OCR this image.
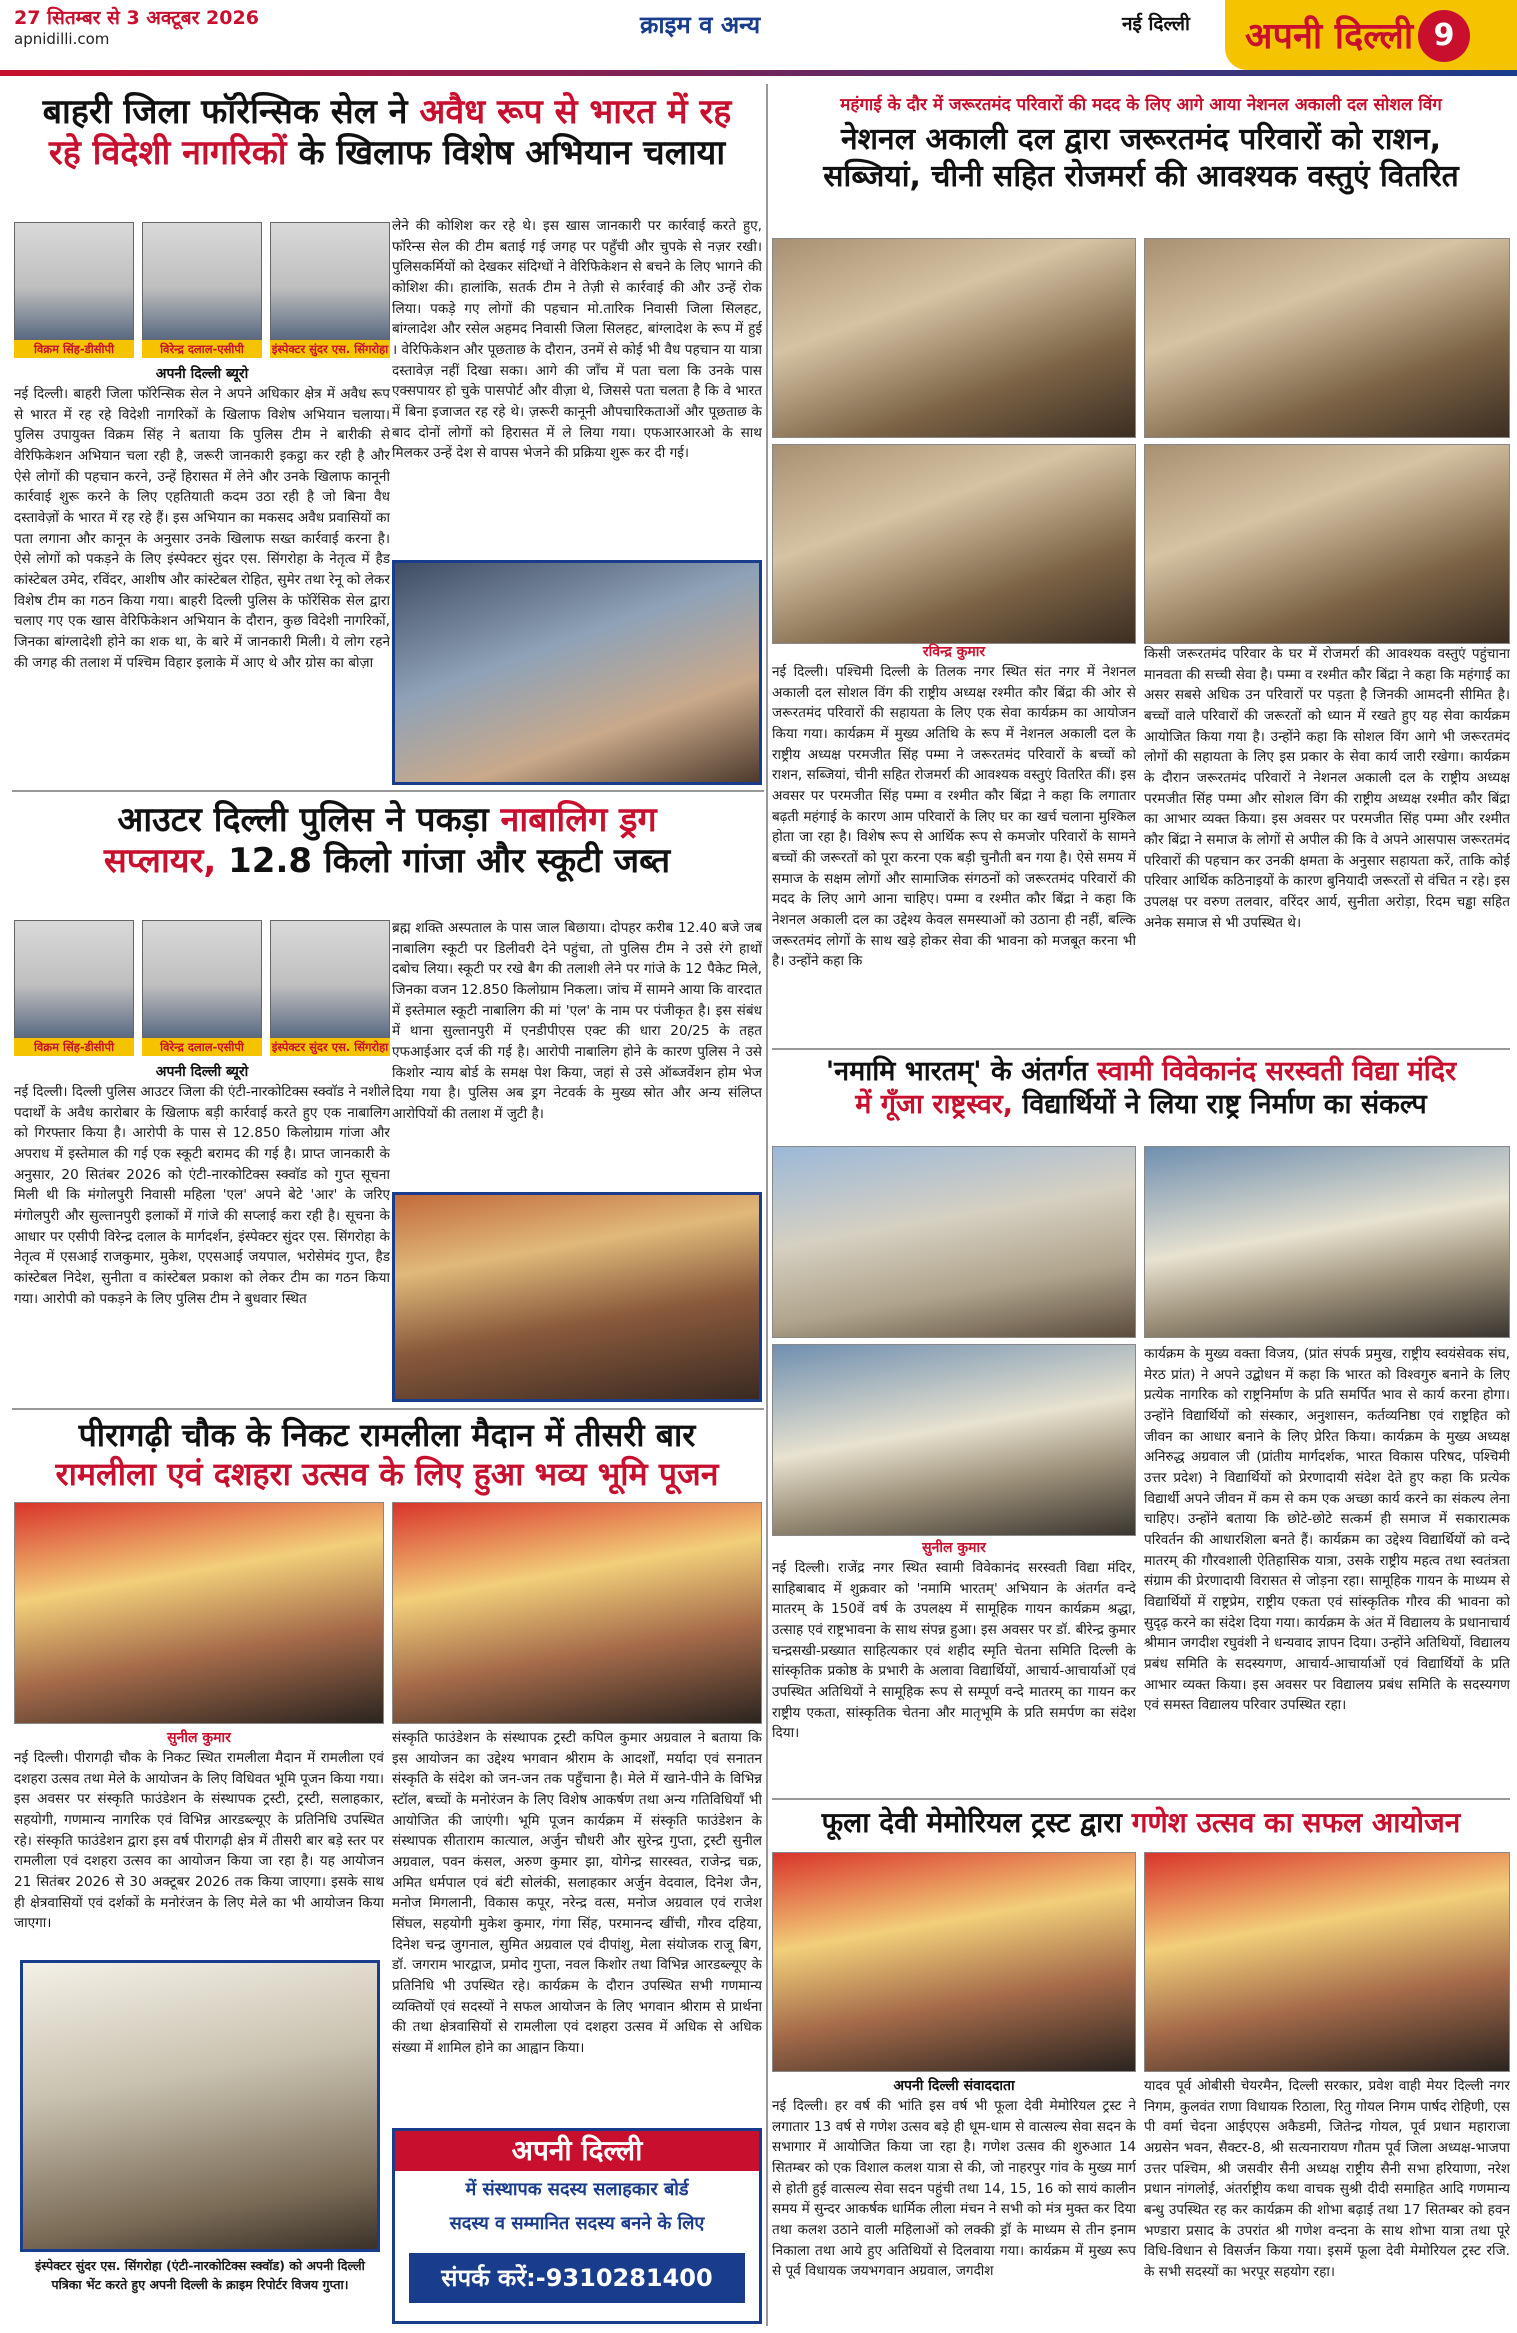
27 सितम्बर से 3 अक्टूबर 2026
apnidilli.com	क्राइम व अन्य	नई दिल्ली अपनी दिल्ली 9
बाहरी जिला फॉरेन्सिक सेल ने अवैध रूप से भारत में रह
रहे विदेशी नागरिकों के खिलाफ विशेष अभियान चलाया
विक्रम सिंह-डीसीपी	विरेन्द्र दलाल-एसीपी	इंस्पेक्टर सुंदर एस. सिंगरोहा
अपनी दिल्ली ब्यूरो
नई दिल्ली। बाहरी जिला फॉरेन्सिक सेल ने अपने अधिकार क्षेत्र में अवैध रूप से भारत में रह रहे विदेशी नागरिकों के खिलाफ विशेष अभियान चलाया। पुलिस उपायुक्त विक्रम सिंह ने बताया कि पुलिस टीम ने बारीकी से वेरिफिकेशन अभियान चला रही है, जरूरी जानकारी इकट्ठा कर रही है और ऐसे लोगों की पहचान करने, उन्हें हिरासत में लेने और उनके खिलाफ कानूनी कार्रवाई शुरू करने के लिए एहतियाती कदम उठा रही है जो बिना वैध दस्तावेज़ों के भारत में रह रहे हैं। इस अभियान का मकसद अवैध प्रवासियों का पता लगाना और कानून के अनुसार उनके खिलाफ सख्त कार्रवाई करना है। ऐसे लोगों को पकड़ने के लिए इंस्पेक्टर सुंदर एस. सिंगरोहा के नेतृत्व में हैड कांस्टेबल उमेद, रविंदर, आशीष और कांस्टेबल रोहित, सुमेर तथा रेनू को लेकर विशेष टीम का गठन किया गया। बाहरी दिल्ली पुलिस के फॉरेंसिक सेल द्वारा चलाए गए एक खास वेरिफिकेशन अभियान के दौरान, कुछ विदेशी नागरिकों, जिनका बांग्लादेशी होने का शक था, के बारे में जानकारी मिली। ये लोग रहने की जगह की तलाश में पश्चिम विहार इलाके में आए थे और ग्रोस का बोज़ा
लेने की कोशिश कर रहे थे। इस खास जानकारी पर कार्रवाई करते हुए, फॉरेन्स सेल की टीम बताई गई जगह पर पहुँची और चुपके से नज़र रखी। पुलिसकर्मियों को देखकर संदिग्धों ने वेरिफिकेशन से बचने के लिए भागने की कोशिश की। हालांकि, सतर्क टीम ने तेज़ी से कार्रवाई की और उन्हें रोक लिया। पकड़े गए लोगों की पहचान मो.तारिक निवासी जिला सिलहट, बांग्लादेश और रसेल अहमद निवासी जिला सिलहट, बांग्लादेश के रूप में हुई । वेरिफिकेशन और पूछताछ के दौरान, उनमें से कोई भी वैध पहचान या यात्रा दस्तावेज़ नहीं दिखा सका। आगे की जाँच में पता चला कि उनके पास एक्सपायर हो चुके पासपोर्ट और वीज़ा थे, जिससे पता चलता है कि वे भारत में बिना इजाजत रह रहे थे। ज़रूरी कानूनी औपचारिकताओं और पूछताछ के बाद दोनों लोगों को हिरासत में ले लिया गया। एफआरआरओ के साथ मिलकर उन्हें देश से वापस भेजने की प्रक्रिया शुरू कर दी गई।
आउटर दिल्ली पुलिस ने पकड़ा नाबालिग ड्रग
सप्लायर, 12.8 किलो गांजा और स्कूटी जब्त
विक्रम सिंह-डीसीपी	विरेन्द्र दलाल-एसीपी	इंस्पेक्टर सुंदर एस. सिंगरोहा
अपनी दिल्ली ब्यूरो
नई दिल्ली। दिल्ली पुलिस आउटर जिला की एंटी-नारकोटिक्स स्क्वाॅड ने नशीले पदार्थों के अवैध कारोबार के खिलाफ बड़ी कार्रवाई करते हुए एक नाबालिग को गिरफ्तार किया है। आरोपी के पास से 12.850 किलोग्राम गांजा और अपराध में इस्तेमाल की गई एक स्कूटी बरामद की गई है। प्राप्त जानकारी के अनुसार, 20 सितंबर 2026 को एंटी-नारकोटिक्स स्क्वाॅड को गुप्त सूचना मिली थी कि मंगोलपुरी निवासी महिला 'एल' अपने बेटे 'आर' के जरिए मंगोलपुरी और सुल्तानपुरी इलाकों में गांजे की सप्लाई करा रही है। सूचना के आधार पर एसीपी विरेन्द्र दलाल के मार्गदर्शन, इंस्पेक्टर सुंदर एस. सिंगरोहा के नेतृत्व में एसआई राजकुमार, मुकेश, एएसआई जयपाल, भरोसेमंद गुप्त, हैड कांस्टेबल निदेश, सुनीता व कांस्टेबल प्रकाश को लेकर टीम का गठन किया गया। आरोपी को पकड़ने के लिए पुलिस टीम ने बुधवार स्थित
ब्रह्म शक्ति अस्पताल के पास जाल बिछाया। दोपहर करीब 12.40 बजे जब नाबालिग स्कूटी पर डिलीवरी देने पहुंचा, तो पुलिस टीम ने उसे रंगे हाथों दबोच लिया। स्कूटी पर रखे बैग की तलाशी लेने पर गांजे के 12 पैकेट मिले, जिनका वजन 12.850 किलोग्राम निकला। जांच में सामने आया कि वारदात में इस्तेमाल स्कूटी नाबालिग की मां 'एल' के नाम पर पंजीकृत है। इस संबंध में थाना सुल्तानपुरी में एनडीपीएस एक्ट की धारा 20/25 के तहत एफआईआर दर्ज की गई है। आरोपी नाबालिग होने के कारण पुलिस ने उसे किशोर न्याय बोर्ड के समक्ष पेश किया, जहां से उसे ऑब्जर्वेशन होम भेज दिया गया है। पुलिस अब ड्रग नेटवर्क के मुख्य स्रोत और अन्य संलिप्त आरोपियों की तलाश में जुटी है।
पीरागढ़ी चौक के निकट रामलीला मैदान में तीसरी बार
रामलीला एवं दशहरा उत्सव के लिए हुआ भव्य भूमि पूजन
सुनील कुमार
नई दिल्ली। पीरागढ़ी चौक के निकट स्थित रामलीला मैदान में रामलीला एवं दशहरा उत्सव तथा मेले के आयोजन के लिए विधिवत भूमि पूजन किया गया। इस अवसर पर संस्कृति फाउंडेशन के संस्थापक ट्रस्टी, ट्रस्टी, सलाहकार, सहयोगी, गणमान्य नागरिक एवं विभिन्न आरडब्ल्यूए के प्रतिनिधि उपस्थित रहे। संस्कृति फाउंडेशन द्वारा इस वर्ष पीरागढ़ी क्षेत्र में तीसरी बार बड़े स्तर पर रामलीला एवं दशहरा उत्सव का आयोजन किया जा रहा है। यह आयोजन 21 सितंबर 2026 से 30 अक्टूबर 2026 तक किया जाएगा। इसके साथ ही क्षेत्रवासियों एवं दर्शकों के मनोरंजन के लिए मेले का भी आयोजन किया जाएगा।
संस्कृति फाउंडेशन के संस्थापक ट्रस्टी कपिल कुमार अग्रवाल ने बताया कि इस आयोजन का उद्देश्य भगवान श्रीराम के आदर्शों, मर्यादा एवं सनातन संस्कृति के संदेश को जन-जन तक पहुँचाना है। मेले में खाने-पीने के विभिन्न स्टॉल, बच्चों के मनोरंजन के लिए विशेष आकर्षण तथा अन्य गतिविधियाँ भी आयोजित की जाएंगी। भूमि पूजन कार्यक्रम में संस्कृति फाउंडेशन के संस्थापक सीताराम कात्याल, अर्जुन चौधरी और सुरेन्द्र गुप्ता, ट्रस्टी सुनील अग्रवाल, पवन कंसल, अरुण कुमार झा, योगेन्द्र सारस्वत, राजेन्द्र चक्र, अमित धर्मपाल एवं बंटी सोलंकी, सलाहकार अर्जुन वेदवाल, दिनेश जैन, मनोज मिगलानी, विकास कपूर, नरेन्द्र वत्स, मनोज अग्रवाल एवं राजेश सिंघल, सहयोगी मुकेश कुमार, गंगा सिंह, परमानन्द खींची, गौरव दहिया, दिनेश चन्द्र जुगनाल, सुमित अग्रवाल एवं दीपांशु, मेला संयोजक राजू बिग, डॉ. जगराम भारद्वाज, प्रमोद गुप्ता, नवल किशोर तथा विभिन्न आरडब्ल्यूए के प्रतिनिधि भी उपस्थित रहे। कार्यक्रम के दौरान उपस्थित सभी गणमान्य व्यक्तियों एवं सदस्यों ने सफल आयोजन के लिए भगवान श्रीराम से प्रार्थना की तथा क्षेत्रवासियों से रामलीला एवं दशहरा उत्सव में अधिक से अधिक संख्या में शामिल होने का आह्वान किया।
इंस्पेक्टर सुंदर एस. सिंगरोहा (एंटी-नारकोटिक्स स्क्वॉड) को अपनी दिल्ली पत्रिका भेंट करते हुए अपनी दिल्ली के क्राइम रिपोर्टर विजय गुप्ता।
अपनी दिल्ली
में संस्थापक सदस्य सलाहकार बोर्ड
सदस्य व सम्मानित सदस्य बनने के लिए
संपर्क करें:-9310281400
महंगाई के दौर में जरूरतमंद परिवारों की मदद के लिए आगे आया नेशनल अकाली दल सोशल विंग
नेशनल अकाली दल द्वारा जरूरतमंद परिवारों को राशन,
सब्जियां, चीनी सहित रोजमर्रा की आवश्यक वस्तुएं वितरित
रविन्द्र कुमार
नई दिल्ली। पश्चिमी दिल्ली के तिलक नगर स्थित संत नगर में नेशनल अकाली दल सोशल विंग की राष्ट्रीय अध्यक्ष रश्मीत कौर बिंद्रा की ओर से जरूरतमंद परिवारों की सहायता के लिए एक सेवा कार्यक्रम का आयोजन किया गया। कार्यक्रम में मुख्य अतिथि के रूप में नेशनल अकाली दल के राष्ट्रीय अध्यक्ष परमजीत सिंह पम्मा ने जरूरतमंद परिवारों के बच्चों को राशन, सब्जियां, चीनी सहित रोजमर्रा की आवश्यक वस्तुएं वितरित कीं। इस अवसर पर परमजीत सिंह पम्मा व रश्मीत कौर बिंद्रा ने कहा कि लगातार बढ़ती महंगाई के कारण आम परिवारों के लिए घर का खर्च चलाना मुश्किल होता जा रहा है। विशेष रूप से आर्थिक रूप से कमजोर परिवारों के सामने बच्चों की जरूरतों को पूरा करना एक बड़ी चुनौती बन गया है। ऐसे समय में समाज के सक्षम लोगों और सामाजिक संगठनों को जरूरतमंद परिवारों की मदद के लिए आगे आना चाहिए। पम्मा व रश्मीत कौर बिंद्रा ने कहा कि नेशनल अकाली दल का उद्देश्य केवल समस्याओं को उठाना ही नहीं, बल्कि जरूरतमंद लोगों के साथ खड़े होकर सेवा की भावना को मजबूत करना भी है। उन्होंने कहा कि
किसी जरूरतमंद परिवार के घर में रोजमर्रा की आवश्यक वस्तुएं पहुंचाना मानवता की सच्ची सेवा है। पम्मा व रश्मीत कौर बिंद्रा ने कहा कि महंगाई का असर सबसे अधिक उन परिवारों पर पड़ता है जिनकी आमदनी सीमित है। बच्चों वाले परिवारों की जरूरतों को ध्यान में रखते हुए यह सेवा कार्यक्रम आयोजित किया गया है। उन्होंने कहा कि सोशल विंग आगे भी जरूरतमंद लोगों की सहायता के लिए इस प्रकार के सेवा कार्य जारी रखेगा। कार्यक्रम के दौरान जरूरतमंद परिवारों ने नेशनल अकाली दल के राष्ट्रीय अध्यक्ष परमजीत सिंह पम्मा और सोशल विंग की राष्ट्रीय अध्यक्ष रश्मीत कौर बिंद्रा का आभार व्यक्त किया। इस अवसर पर परमजीत सिंह पम्मा और रश्मीत कौर बिंद्रा ने समाज के लोगों से अपील की कि वे अपने आसपास जरूरतमंद परिवारों की पहचान कर उनकी क्षमता के अनुसार सहायता करें, ताकि कोई परिवार आर्थिक कठिनाइयों के कारण बुनियादी जरूरतों से वंचित न रहे। इस उपलक्ष पर वरुण तलवार, वरिंदर आर्य, सुनीता अरोड़ा, रिदम चड्ढा सहित अनेक समाज से भी उपस्थित थे।
'नमामि भारतम्' के अंतर्गत स्वामी विवेकानंद सरस्वती विद्या मंदिर
में गूँजा राष्ट्रस्वर, विद्यार्थियों ने लिया राष्ट्र निर्माण का संकल्प
सुनील कुमार
नई दिल्ली। राजेंद्र नगर स्थित स्वामी विवेकानंद सरस्वती विद्या मंदिर, साहिबाबाद में शुक्रवार को 'नमामि भारतम्' अभियान के अंतर्गत वन्दे मातरम् के 150वें वर्ष के उपलक्ष्य में सामूहिक गायन कार्यक्रम श्रद्धा, उत्साह एवं राष्ट्रभावना के साथ संपन्न हुआ। इस अवसर पर डॉ. बीरेन्द्र कुमार चन्द्रसखी-प्रख्यात साहित्यकार एवं शहीद स्मृति चेतना समिति दिल्ली के सांस्कृतिक प्रकोष्ठ के प्रभारी के अलावा विद्यार्थियों, आचार्य-आचार्याओं एवं उपस्थित अतिथियों ने सामूहिक रूप से सम्पूर्ण वन्दे मातरम् का गायन कर राष्ट्रीय एकता, सांस्कृतिक चेतना और मातृभूमि के प्रति समर्पण का संदेश दिया।
कार्यक्रम के मुख्य वक्ता विजय, (प्रांत संपर्क प्रमुख, राष्ट्रीय स्वयंसेवक संघ, मेरठ प्रांत) ने अपने उद्बोधन में कहा कि भारत को विश्वगुरु बनाने के लिए प्रत्येक नागरिक को राष्ट्रनिर्माण के प्रति समर्पित भाव से कार्य करना होगा। उन्होंने विद्यार्थियों को संस्कार, अनुशासन, कर्तव्यनिष्ठा एवं राष्ट्रहित को जीवन का आधार बनाने के लिए प्रेरित किया। कार्यक्रम के मुख्य अध्यक्ष अनिरुद्ध अग्रवाल जी (प्रांतीय मार्गदर्शक, भारत विकास परिषद, पश्चिमी उत्तर प्रदेश) ने विद्यार्थियों को प्रेरणादायी संदेश देते हुए कहा कि प्रत्येक विद्यार्थी अपने जीवन में कम से कम एक अच्छा कार्य करने का संकल्प लेना चाहिए। उन्होंने बताया कि छोटे-छोटे सत्कर्म ही समाज में सकारात्मक परिवर्तन की आधारशिला बनते हैं। कार्यक्रम का उद्देश्य विद्यार्थियों को वन्दे मातरम् की गौरवशाली ऐतिहासिक यात्रा, उसके राष्ट्रीय महत्व तथा स्वतंत्रता संग्राम की प्रेरणादायी विरासत से जोड़ना रहा। सामूहिक गायन के माध्यम से विद्यार्थियों में राष्ट्रप्रेम, राष्ट्रीय एकता एवं सांस्कृतिक गौरव की भावना को सुदृढ़ करने का संदेश दिया गया। कार्यक्रम के अंत में विद्यालय के प्रधानाचार्य श्रीमान जगदीश रघुवंशी ने धन्यवाद ज्ञापन दिया। उन्होंने अतिथियों, विद्यालय प्रबंध समिति के सदस्यगण, आचार्य-आचार्याओं एवं विद्यार्थियों के प्रति आभार व्यक्त किया। इस अवसर पर विद्यालय प्रबंध समिति के सदस्यगण एवं समस्त विद्यालय परिवार उपस्थित रहा।
फूला देवी मेमोरियल ट्रस्ट द्वारा गणेश उत्सव का सफल आयोजन
अपनी दिल्ली संवाददाता
नई दिल्ली। हर वर्ष की भांति इस वर्ष भी फूला देवी मेमोरियल ट्रस्ट ने लगातार 13 वर्ष से गणेश उत्सव बड़े ही धूम-धाम से वात्सल्य सेवा सदन के सभागार में आयोजित किया जा रहा है। गणेश उत्सव की शुरुआत 14 सितम्बर को एक विशाल कलश यात्रा से की, जो नाहरपुर गांव के मुख्य मार्ग से होती हुई वात्सल्य सेवा सदन पहुंची तथा 14, 15, 16 को सायं कालीन समय में सुन्दर आकर्षक धार्मिक लीला मंचन ने सभी को मंत्र मुक्त कर दिया तथा कलश उठाने वाली महिलाओं को लक्की ड्रॉ के माध्यम से तीन इनाम निकाला तथा आये हुए अतिथियों से दिलवाया गया। कार्यक्रम में मुख्य रूप से पूर्व विधायक जयभगवान अग्रवाल, जगदीश
यादव पूर्व ओबीसी चेयरमैन, दिल्ली सरकार, प्रवेश वाही मेयर दिल्ली नगर निगम, कुलवंत राणा विधायक रिठाला, रितु गोयल निगम पार्षद रोहिणी, एस पी वर्मा चेदना आईएएस अकैडमी, जितेन्द्र गोयल, पूर्व प्रधान महाराजा अग्रसेन भवन, सैक्टर-8, श्री सत्यनारायण गौतम पूर्व जिला अध्यक्ष-भाजपा उत्तर पश्चिम, श्री जसवीर सैनी अध्यक्ष राष्ट्रीय सैनी सभा हरियाणा, नरेश प्रधान नांगलोई, अंतर्राष्ट्रीय कथा वाचक सुश्री दीदी समाहित आदि गणमान्य बन्धु उपस्थित रह कर कार्यक्रम की शोभा बढ़ाई तथा 17 सितम्बर को हवन भण्डारा प्रसाद के उपरांत श्री गणेश वन्दना के साथ शोभा यात्रा तथा पूरे विधि-विधान से विसर्जन किया गया। इसमें फूला देवी मेमोरियल ट्रस्ट रजि. के सभी सदस्यों का भरपूर सहयोग रहा।
